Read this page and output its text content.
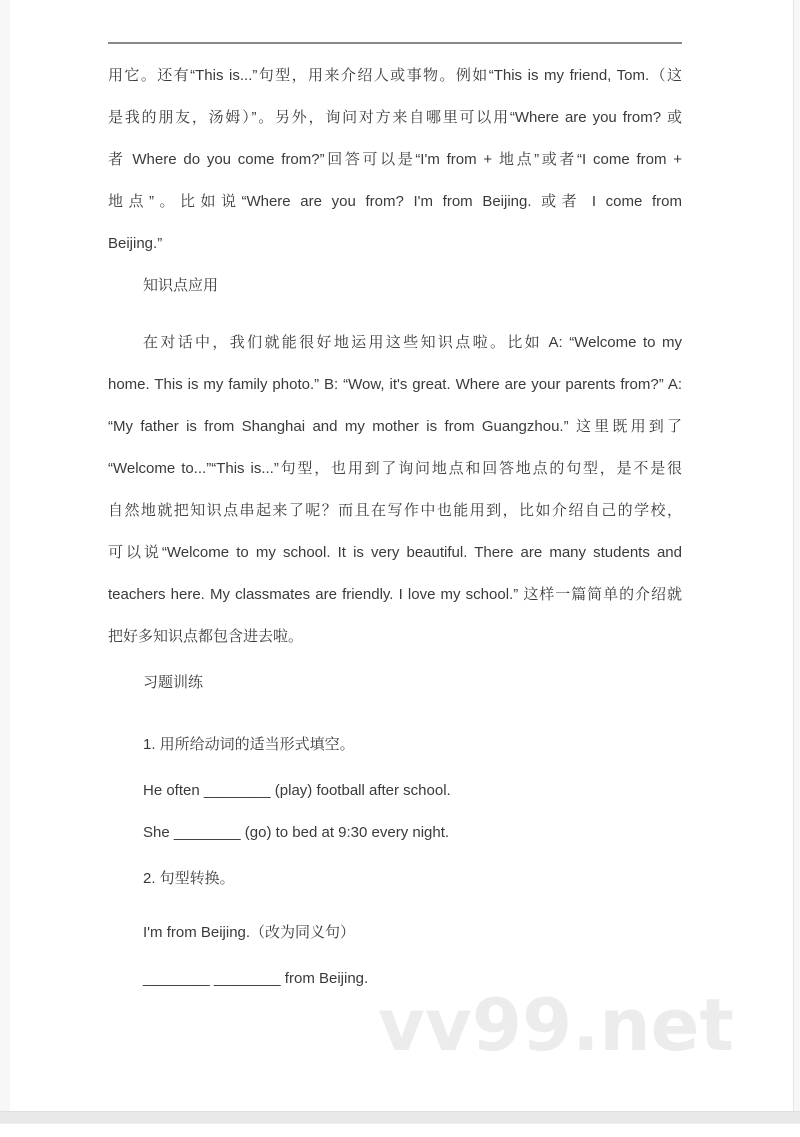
用它。还有“This is...”句型，用来介绍人或事物。例如“This is my friend, Tom.（这
是我的朋友，汤姆）”。另外，询问对方来自哪里可以用“Where are you from? 或
者 Where do you come from?”回答可以是“I'm from + 地点”或者“I come from +
地点”。比如说“Where are you from? I'm from Beijing. 或者 I come from
Beijing.”
知识点应用
在对话中，我们就能很好地运用这些知识点啦。比如 A: “Welcome to my
home. This is my family photo.” B: “Wow, it's great. Where are your parents from?” A:
“My father is from Shanghai and my mother is from Guangzhou.” 这里既用到了
“Welcome to...”“This is...”句型，也用到了询问地点和回答地点的句型，是不是很
自然地就把知识点串起来了呢？而且在写作中也能用到，比如介绍自己的学校，
可以说“Welcome to my school. It is very beautiful. There are many students and
teachers here. My classmates are friendly. I love my school.” 这样一篇简单的介绍就
把好多知识点都包含进去啦。
习题训练
1. 用所给动词的适当形式填空。
He often ________ (play) football after school.
She ________ (go) to bed at 9:30 every night.
2. 句型转换。
I'm from Beijing.（改为同义句）
________ ________ from Beijing.
vv99.net
